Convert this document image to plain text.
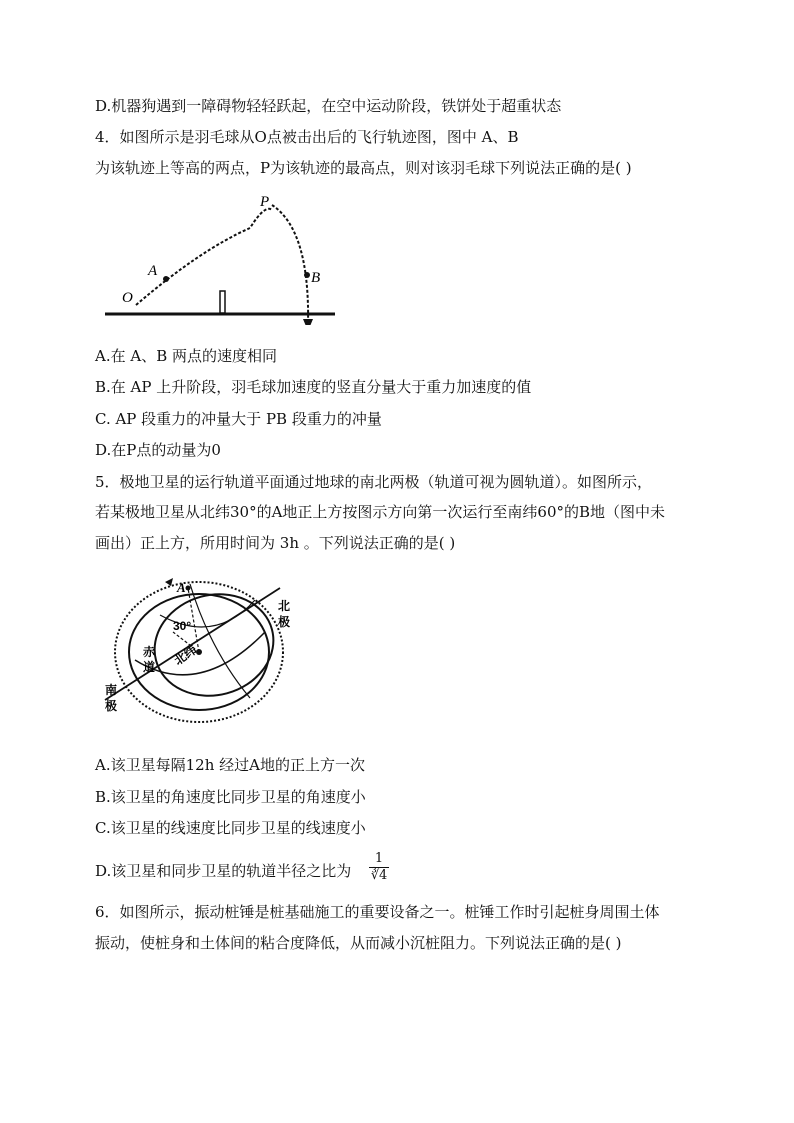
D.机器狗遇到一障碍物轻轻跃起，在空中运动阶段，铁饼处于超重状态
4．如图所示是羽毛球从O点被击出后的飞行轨迹图，图中 A、B
为该轨迹上等高的两点，P为该轨迹的最高点，则对该羽毛球下列说法正确的是( )
O
A
P
B
A.在 A、B 两点的速度相同
B.在 AP 上升阶段，羽毛球加速度的竖直分量大于重力加速度的值
C. AP 段重力的冲量大于 PB 段重力的冲量
D.在P点的动量为0
5．极地卫星的运行轨道平面通过地球的南北两极（轨道可视为圆轨道）。如图所示，
若某极地卫星从北纬30°的A地正上方按图示方向第一次运行至南纬60°的B地（图中未
画出）正上方，所用时间为 3h 。下列说法正确的是( )
A
30°
北纬
赤
道
北
极
南
极
A.该卫星每隔12h 经过A地的正上方一次
B.该卫星的角速度比同步卫星的角速度小
C.该卫星的线速度比同步卫星的线速度小
D.该卫星和同步卫星的轨道半径之比为
1
∛4
6．如图所示，振动桩锤是桩基础施工的重要设备之一。桩锤工作时引起桩身周围土体
振动，使桩身和土体间的粘合度降低，从而减小沉桩阻力。下列说法正确的是( )
